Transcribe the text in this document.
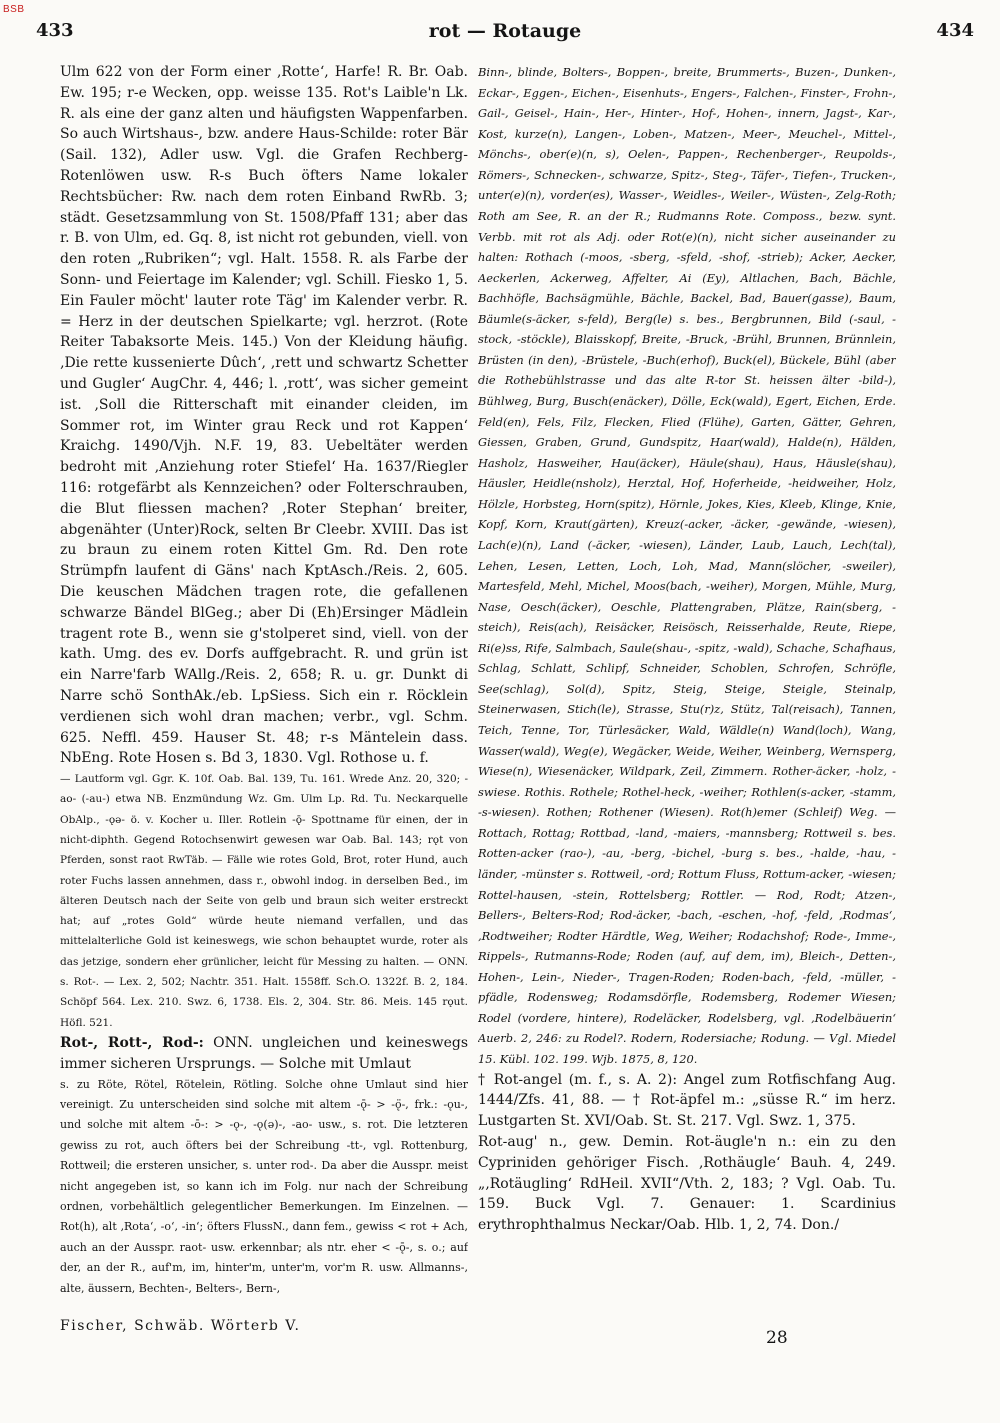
BSB
433	rot — Rotauge	434

Ulm 622 von der Form einer ‚Rotte‘, Harfe! R. Br. Oab. Ew. 195; r-e Wecken, opp. weisse 135. Rot's Laible'n Lk. R. als eine der ganz alten und häufigsten Wappenfarben. So auch Wirtshaus-, bzw. andere Haus-Schilde: roter Bär (Sail. 132), Adler usw. Vgl. die Grafen Rechberg-Rotenlöwen usw. R-s Buch öfters Name lokaler Rechtsbücher: Rw. nach dem roten Einband RwRb. 3; städt. Gesetzsammlung von St. 1508/Pfaff 131; aber das r. B. von Ulm, ed. Gq. 8, ist nicht rot gebunden, viell. von den roten „Rubriken“; vgl. Halt. 1558. R. als Farbe der Sonn- und Feiertage im Kalender; vgl. Schill. Fiesko 1, 5. Ein Fauler möcht' lauter rote Täg' im Kalender verbr. R. = Herz in der deutschen Spielkarte; vgl. herzrot. (Rote Reiter Tabaksorte Meis. 145.) Von der Kleidung häufig. ‚Die rette kussenierte Dûch‘, ‚rett und schwartz Schetter und Gugler‘ AugChr. 4, 446; l. ‚rott‘, was sicher gemeint ist. ‚Soll die Ritterschaft mit einander cleiden, im Sommer rot, im Winter grau Reck und rot Kappen‘ Kraichg. 1490/Vjh. N.F. 19, 83. Uebeltäter werden bedroht mit ‚Anziehung roter Stiefel‘ Ha. 1637/Riegler 116: rotgefärbt als Kennzeichen? oder Folterschrauben, die Blut fliessen machen? ‚Roter Stephan‘ breiter, abgenähter (Unter)Rock, selten Br Cleebr. XVIII. Das ist zu braun zu einem roten Kittel Gm. Rd. Den rote Strümpfn laufent di Gäns' nach KptAsch./Reis. 2, 605. Die keuschen Mädchen tragen rote, die gefallenen schwarze Bändel BlGeg.; aber Di (Eh)Ersinger Mädlein tragent rote B., wenn sie g'stolperet sind, viell. von der kath. Umg. des ev. Dorfs auffgebracht. R. und grün ist ein Narre'farb WAllg./Reis. 2, 658; R. u. gr. Dunkt di Narre schö SonthAk./eb. LpSiess. Sich ein r. Röcklein verdienen sich wohl dran machen; verbr., vgl. Schm. 625. Neffl. 459. Hauser St. 48; r-s Mäntelein dass. NbEng. Rote Hosen s. Bd 3, 1830. Vgl. Rothose u. f.

— Lautform vgl. Ggr. K. 10f. Oab. Bal. 139, Tu. 161. Wrede Anz. 20, 320; -ao- (-au-) etwa NB. Enzmündung Wz. Gm. Ulm Lp. Rd. Tu. Neckarquelle ObAlp., -ǫə- ö. v. Kocher u. Iller. Rotlein -ǭ- Spottname für einen, der in nicht-diphth. Gegend Rotochsenwirt gewesen war Oab. Bal. 143; rǫt von Pferden, sonst raot RwTäb. — Fälle wie rotes Gold, Brot, roter Hund, auch roter Fuchs lassen annehmen, dass r., obwohl indog. in derselben Bed., im älteren Deutsch nach der Seite von gelb und braun sich weiter erstreckt hat; auf „rotes Gold“ würde heute niemand verfallen, und das mittelalterliche Gold ist keineswegs, wie schon behauptet wurde, roter als das jetzige, sondern eher grünlicher, leicht für Messing zu halten. — ONN. s. Rot-. — Lex. 2, 502; Nachtr. 351. Halt. 1558ff. Sch.O. 1322f. B. 2, 184. Schöpf 564. Lex. 210. Swz. 6, 1738. Els. 2, 304. Str. 86. Meis. 145 rǫut. Höfl. 521.

Rot-, Rott-, Rod-: ONN. ungleichen und keineswegs immer sicheren Ursprungs. — Solche mit Umlaut

s. zu Röte, Rötel, Rötelein, Rötling. Solche ohne Umlaut sind hier vereinigt. Zu unterscheiden sind solche mit altem -ǭ- > -ǫ̈-, frk.: -ǫu-, und solche mit altem -ō-: > -ǫ-, -ǫ(ə)-, -ao- usw., s. rot. Die letzteren gewiss zu rot, auch öfters bei der Schreibung -tt-, vgl. Rottenburg, Rottweil; die ersteren unsicher, s. unter rod-. Da aber die Ausspr. meist nicht angegeben ist, so kann ich im Folg. nur nach der Schreibung ordnen, vorbehältlich gelegentlicher Bemerkungen. Im Einzelnen. — Rot(h), alt ‚Rota‘, -o‘, -in‘; öfters FlussN., dann fem., gewiss < rot + Ach, auch an der Ausspr. raot- usw. erkennbar; als ntr. eher < -ǭ-, s. o.; auf der, an der R., auf'm, im, hinter'm, unter'm, vor'm R. usw. Allmanns-, alte, äussern, Bechten-, Belters-, Bern-,

Binn-, blinde, Bolters-, Boppen-, breite, Brummerts-, Buzen-, Dunken-, Eckar-, Eggen-, Eichen-, Eisenhuts-, Engers-, Falchen-, Finster-, Frohn-, Gail-, Geisel-, Hain-, Her-, Hinter-, Hof-, Hohen-, innern, Jagst-, Kar-, Kost, kurze(n), Langen-, Loben-, Matzen-, Meer-, Meuchel-, Mittel-, Mönchs-, ober(e)(n, s), Oelen-, Pappen-, Rechenberger-, Reupolds-, Römers-, Schnecken-, schwarze, Spitz-, Steg-, Täfer-, Tiefen-, Trucken-, unter(e)(n), vorder(es), Wasser-, Weidles-, Weiler-, Wüsten-, Zelg-Roth; Roth am See, R. an der R.; Rudmanns Rote. Composs., bezw. synt. Verbb. mit rot als Adj. oder Rot(e)(n), nicht sicher auseinander zu halten: Rothach (-moos, -sberg, -sfeld, -shof, -strieb); Acker, Aecker, Aeckerlen, Ackerweg, Affelter, Ai (Ey), Altlachen, Bach, Bächle, Bachhöfle, Bachsägmühle, Bächle, Backel, Bad, Bauer(gasse), Baum, Bäumle(s-äcker, s-feld), Berg(le) s. bes., Bergbrunnen, Bild (-saul, -stock, -stöckle), Blaisskopf, Breite, -Bruck, -Brühl, Brunnen, Brünnlein, Brüsten (in den), -Brüstele, -Buch(erhof), Buck(el), Bückele, Bühl (aber die Rothebühlstrasse und das alte R-tor St. heissen älter -bild-), Bühlweg, Burg, Busch(enäcker), Dölle, Eck(wald), Egert, Eichen, Erde. Feld(en), Fels, Filz, Flecken, Flied (Flühe), Garten, Gätter, Gehren, Giessen, Graben, Grund, Gundspitz, Haar(wald), Halde(n), Hälden, Hasholz, Hasweiher, Hau(äcker), Häule(shau), Haus, Häusle(shau), Häusler, Heidle(nsholz), Herztal, Hof, Hoferheide, -heidweiher, Holz, Hölzle, Horbsteg, Horn(spitz), Hörnle, Jokes, Kies, Kleeb, Klinge, Knie, Kopf, Korn, Kraut(gärten), Kreuz(-acker, -äcker, -gewände, -wiesen), Lach(e)(n), Land (-äcker, -wiesen), Länder, Laub, Lauch, Lech(tal), Lehen, Lesen, Letten, Loch, Loh, Mad, Mann(slöcher, -sweiler), Martesfeld, Mehl, Michel, Moos(bach, -weiher), Morgen, Mühle, Murg, Nase, Oesch(äcker), Oeschle, Plattengraben, Plätze, Rain(sberg, -steich), Reis(ach), Reisäcker, Reisösch, Reisserhalde, Reute, Riepe, Ri(e)ss, Rife, Salmbach, Saule(shau-, -spitz, -wald), Schache, Schafhaus, Schlag, Schlatt, Schlipf, Schneider, Schoblen, Schrofen, Schröfle, See(schlag), Sol(d), Spitz, Steig, Steige, Steigle, Steinalp, Steinerwasen, Stich(le), Strasse, Stu(r)z, Stütz, Tal(reisach), Tannen, Teich, Tenne, Tor, Türlesäcker, Wald, Wäldle(n) Wand(loch), Wang, Wasser(wald), Weg(e), Wegäcker, Weide, Weiher, Weinberg, Wernsperg, Wiese(n), Wiesenäcker, Wildpark, Zeil, Zimmern. Rother-äcker, -holz, -swiese. Rothis. Rothele; Rothel-heck, -weiher; Rothlen(s-acker, -stamm, -s-wiesen). Rothen; Rothener (Wiesen). Rot(h)emer (Schleif) Weg. — Rottach, Rottag; Rottbad, -land, -maiers, -mannsberg; Rottweil s. bes. Rotten-acker (rao-), -au, -berg, -bichel, -burg s. bes., -halde, -hau, -länder, -münster s. Rottweil, -ord; Rottum Fluss, Rottum-acker, -wiesen; Rottel-hausen, -stein, Rottelsberg; Rottler. — Rod, Rodt; Atzen-, Bellers-, Belters-Rod; Rod-äcker, -bach, -eschen, -hof, -feld, ‚Rodmas‘, ‚Rodtweiher; Rodter Härdtle, Weg, Weiher; Rodachshof; Rode-, Imme-, Rippels-, Rutmanns-Rode; Roden (auf, auf dem, im), Bleich-, Detten-, Hohen-, Lein-, Nieder-, Tragen-Roden; Roden-bach, -feld, -müller, -pfädle, Rodensweg; Rodamsdörfle, Rodemsberg, Rodemer Wiesen; Rodel (vordere, hintere), Rodeläcker, Rodelsberg, vgl. ‚Rodelbäuerin‘ Auerb. 2, 246: zu Rodel?. Rodern, Rodersiache; Rodung. — Vgl. Miedel 15. Kübl. 102. 199. Wjb. 1875, 8, 120.

† Rot-angel (m. f., s. A. 2): Angel zum Rotfischfang Aug. 1444/Zfs. 41, 88. — † Rot-äpfel m.: „süsse R.“ im herz. Lustgarten St. XVI/Oab. St. St. 217. Vgl. Swz. 1, 375.

Rot-aug' n., gew. Demin. Rot-äugle'n n.: ein zu den Cypriniden gehöriger Fisch. ‚Rothäugle‘ Bauh. 4, 249. „‚Rotäugling‘ RdHeil. XVII“/Vth. 2, 183; ? Vgl. Oab. Tu. 159. Buck Vgl. 7. Genauer: 1. Scardinius erythrophthalmus Neckar/Oab. Hlb. 1, 2, 74. Don./

Fischer, Schwäb. Wörterb V.
28
